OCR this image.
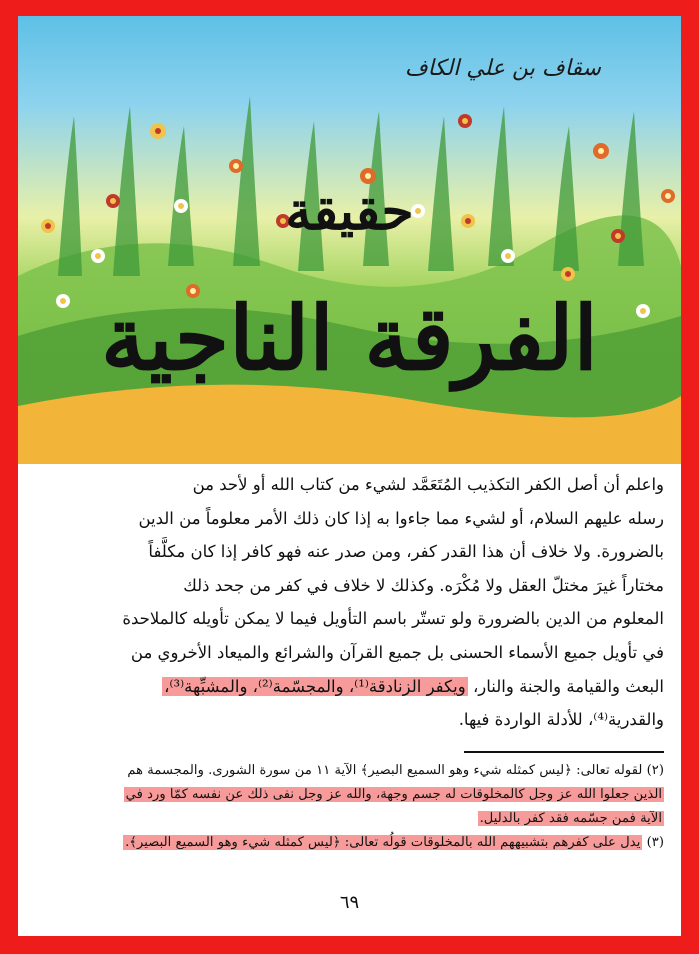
سقاف بن علي الكاف
حقيقة
الفرقة الناجية

واعلم أن أصل الكفر التكذيب المُتَعَمَّد لشيء من كتاب الله أو لأحد من

رسله عليهم السلام، أو لشيء مما جاءوا به إذا كان ذلك الأمر معلوماً من الدين

بالضرورة. ولا خلاف أن هذا القدر كفر، ومن صدر عنه فهو كافر إذا كان مكلَّفاً

مختاراً غيرَ مختلّ العقل ولا مُكْرَه. وكذلك لا خلاف في كفر من جحد ذلك

المعلوم من الدين بالضرورة ولو تستّر باسم التأويل فيما لا يمكن تأويله كالملاحدة

في تأويل جميع الأسماء الحسنى بل جميع القرآن والشرائع والميعاد الأخروي من

البعث والقيامة والجنة والنار، ويكفر الزنادقة⁽¹⁾، والمجسّمة⁽²⁾، والمشبِّهة⁽³⁾،

والقدرية⁽⁴⁾، للأدلة الواردة فيها.

(٢) لقوله تعالى: ﴿ليس كمثله شيء وهو السميع البصير﴾ الآية ١١ من سورة الشورى. والمجسمة هم

الذين جعلوا الله عز وجل كالمخلوقات له جسم وجهة، والله عز وجل نفى ذلك عن نفسه كمّا ورد في

الآية فمن جسّمه فقد كفر بالدليل.

(٣) يدل على كفرهم بتشبيههم الله بالمخلوقات قولُه تعالى: ﴿ليس كمثله شيء وهو السميع البصير﴾.

٦٩
